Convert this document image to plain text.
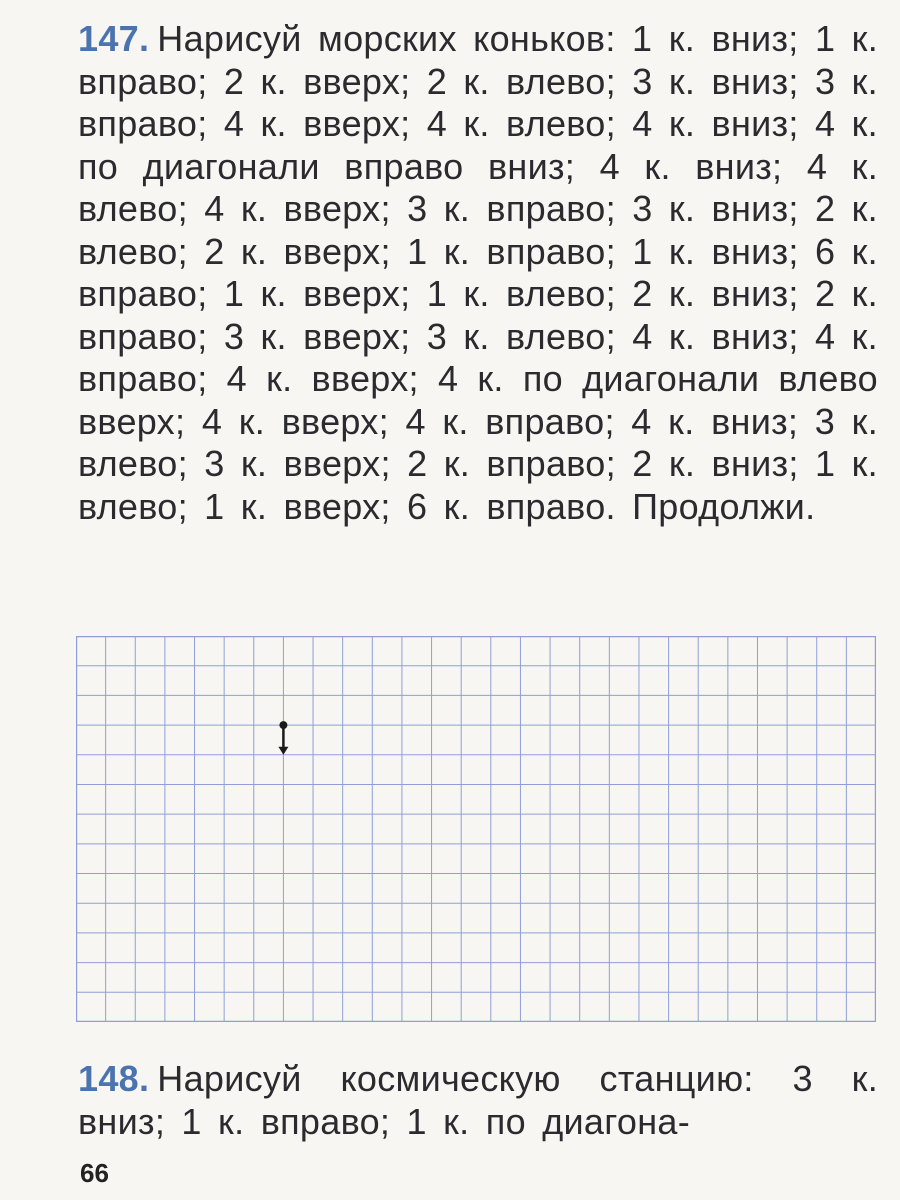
147. Нарисуй морских коньков: 1 к. вниз; 1 к. вправо; 2 к. вверх; 2 к. влево; 3 к. вниз; 3 к. вправо; 4 к. вверх; 4 к. влево; 4 к. вниз; 4 к. по диагонали вправо вниз; 4 к. вниз; 4 к. влево; 4 к. вверх; 3 к. вправо; 3 к. вниз; 2 к. влево; 2 к. вверх; 1 к. вправо; 1 к. вниз; 6 к. вправо; 1 к. вверх; 1 к. влево; 2 к. вниз; 2 к. вправо; 3 к. вверх; 3 к. влево; 4 к. вниз; 4 к. вправо; 4 к. вверх; 4 к. по диагонали влево вверх; 4 к. вверх; 4 к. вправо; 4 к. вниз; 3 к. влево; 3 к. вверх; 2 к. вправо; 2 к. вниз; 1 к. влево; 1 к. вверх; 6 к. вправо. Продолжи.
148. Нарисуй космическую станцию: 3 к. вниз; 1 к. вправо; 1 к. по диагона-
66
